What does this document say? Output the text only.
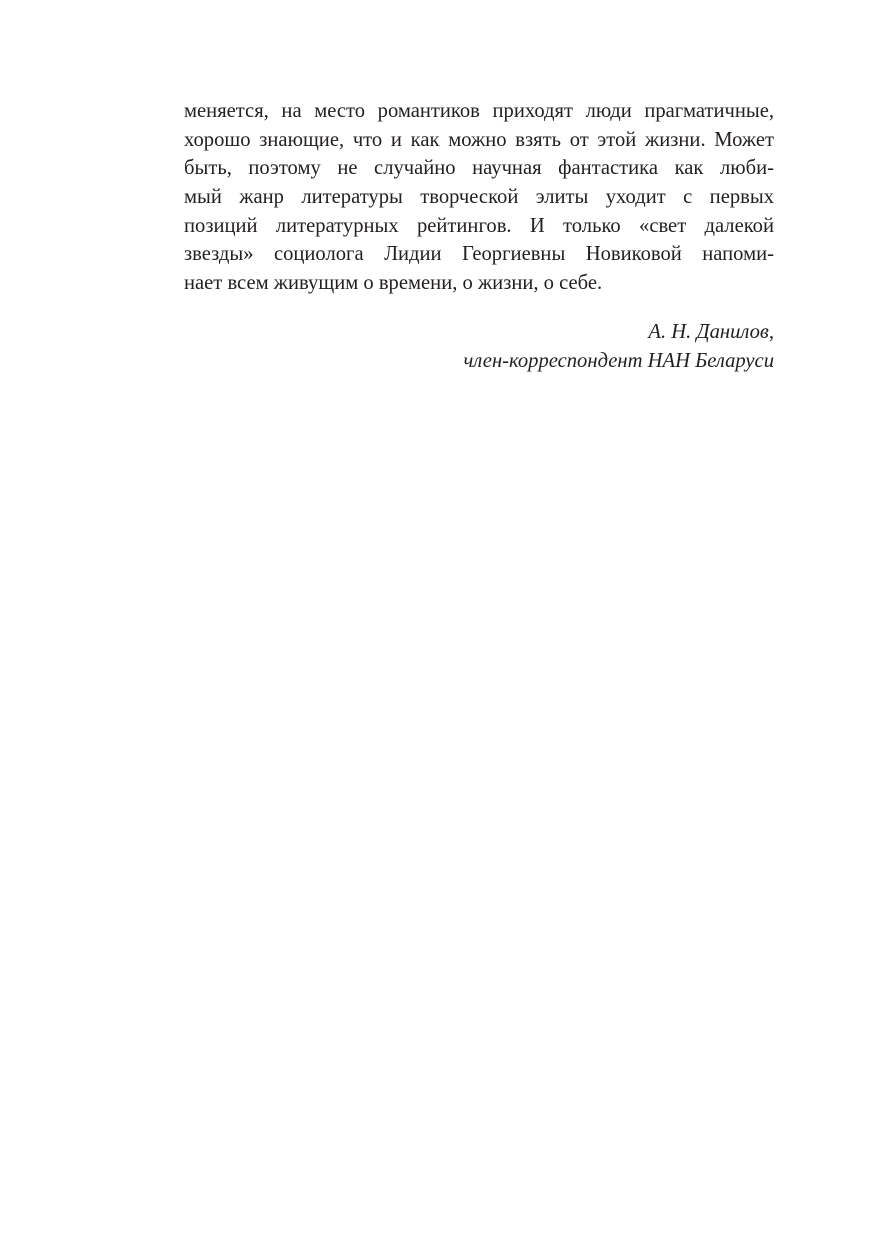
меняется, на место романтиков приходят люди прагматичные,
хорошо знающие, что и как можно взять от этой жизни. Может
быть, поэтому не случайно научная фантастика как люби-
мый жанр литературы творческой элиты уходит с первых
позиций литературных рейтингов. И только «свет далекой
звезды» социолога Лидии Георгиевны Новиковой напоми-
нает всем живущим о времени, о жизни, о себе.
А. Н. Данилов,
член-корреспондент НАН Беларуси
